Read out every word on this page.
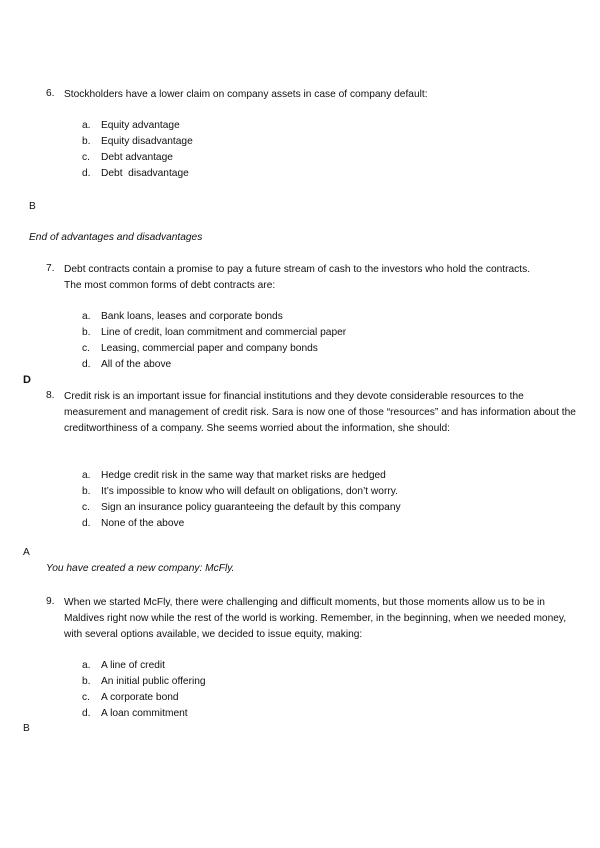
6. Stockholders have a lower claim on company assets in case of company default:
a. Equity advantage
b. Equity disadvantage
c. Debt advantage
d. Debt  disadvantage
B
End of advantages and disadvantages
7. Debt contracts contain a promise to pay a future stream of cash to the investors who hold the contracts. The most common forms of debt contracts are:
a. Bank loans, leases and corporate bonds
b. Line of credit, loan commitment and commercial paper
c. Leasing, commercial paper and company bonds
d. All of the above
D
8. Credit risk is an important issue for financial institutions and they devote considerable resources to the measurement and management of credit risk. Sara is now one of those “resources” and has information about the creditworthiness of a company. She seems worried about the information, she should:
a. Hedge credit risk in the same way that market risks are hedged
b. It’s impossible to know who will default on obligations, don’t worry.
c. Sign an insurance policy guaranteeing the default by this company
d. None of the above
A
You have created a new company: McFly.
9. When we started McFly, there were challenging and difficult moments, but those moments allow us to be in Maldives right now while the rest of the world is working. Remember, in the beginning, when we needed money, with several options available, we decided to issue equity, making:
a. A line of credit
b. An initial public offering
c. A corporate bond
d. A loan commitment
B
